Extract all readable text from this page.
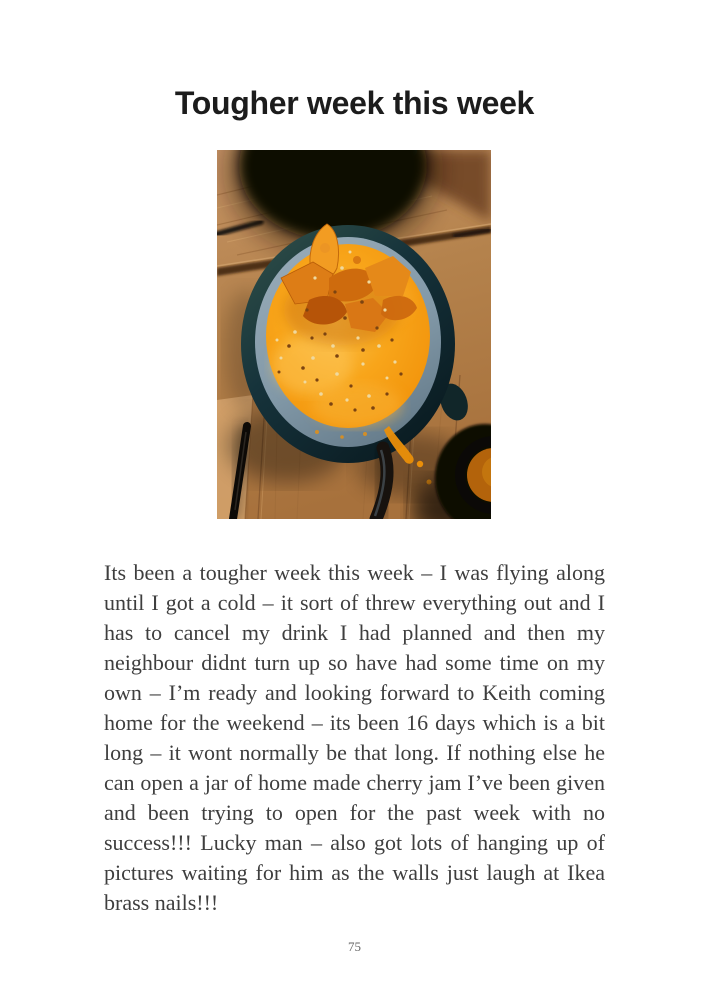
Tougher week this week

Its been a tougher week this week – I was flying along until I got a cold – it sort of threw everything out and I has to cancel my drink I had planned and then my neighbour didnt turn up so have had some time on my own – I’m ready and looking forward to Keith coming home for the weekend – its been 16 days which is a bit long – it wont normally be that long. If nothing else he can open a jar of home made cherry jam I’ve been given and been trying to open for the past week with no success!!! Lucky man – also got lots of hanging up of pictures waiting for him as the walls just laugh at Ikea brass nails!!!

75
